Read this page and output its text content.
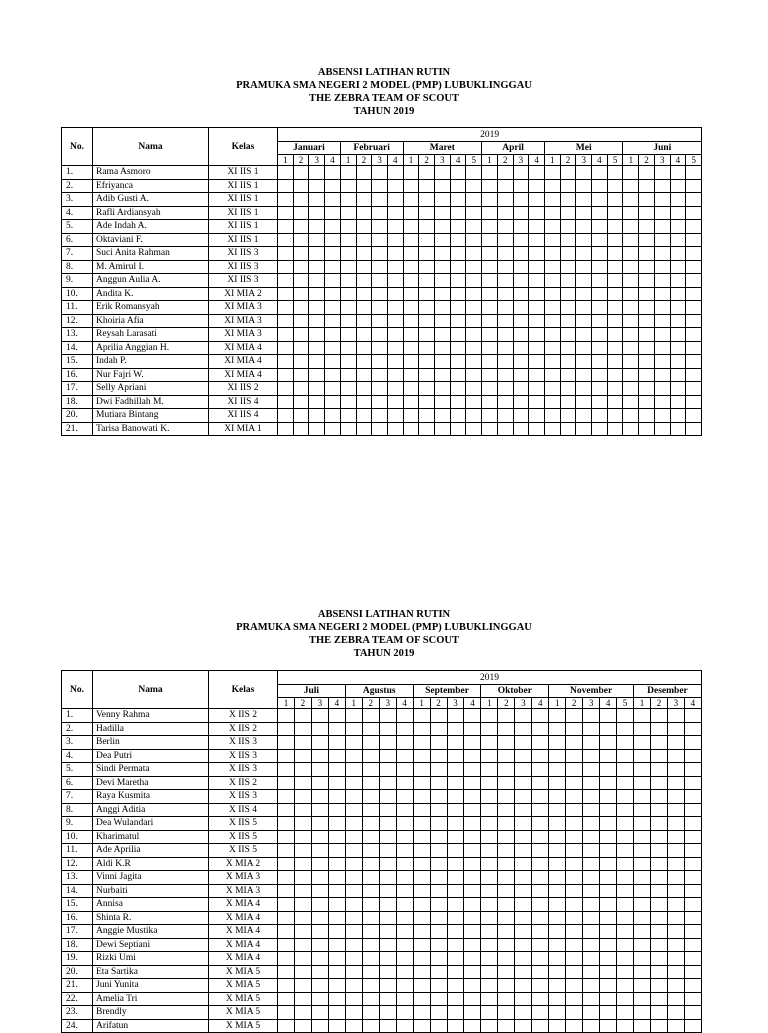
ABSENSI LATIHAN RUTIN
PRAMUKA SMA NEGERI 2 MODEL (PMP) LUBUKLINGGAU
THE ZEBRA TEAM OF SCOUT
TAHUN 2019
No.	Nama	Kelas	2019																										
			Januari				Februari				Maret					April				Mei					Juni				
			1	2	3	4	1	2	3	4	1	2	3	4	5	1	2	3	4	1	2	3	4	5	1	2	3	4	5
1.	Rama Asmoro	XI IIS 1																											
2.	Efriyanca	XI IIS 1																											
3.	Adib Gusti A.	XI IIS 1																											
4.	Rafli Ardiansyah	XI IIS 1																											
5.	Ade Indah A.	XI IIS 1																											
6.	Oktaviani F.	XI IIS 1																											
7.	Suci Anita Rahman	XI IIS 3																											
8.	M. Amirul I.	XI IIS 3																											
9.	Anggun Aulia A.	XI IIS 3																											
10.	Andita K.	XI MIA 2																											
11.	Erik Romansyah	XI MIA 3																											
12.	Khoiria Afia	XI MIA 3																											
13.	Reysah Larasati	XI MIA 3																											
14.	Aprilia Anggian H.	XI MIA 4																											
15.	Indah P.	XI MIA 4																											
16.	Nur Fajri W.	XI MIA 4																											
17.	Selly Apriani	XI IIS 2																											
18.	Dwi Fadhillah M.	XI IIS 4																											
20.	Mutiara Bintang	XI IIS 4																											
21.	Tarisa Banowati K.	XI MIA 1																											
ABSENSI LATIHAN RUTIN
PRAMUKA SMA NEGERI 2 MODEL (PMP) LUBUKLINGGAU
THE ZEBRA TEAM OF SCOUT
TAHUN 2019
No.	Nama	Kelas	2019																								
			Juli				Agustus				September				Oktober				November					Desember			
			1	2	3	4	1	2	3	4	1	2	3	4	1	2	3	4	1	2	3	4	5	1	2	3	4
1.	Venny Rahma	X IIS 2																									
2.	Hadilla	X IIS 2																									
3.	Berlin	X IIS 3																									
4.	Dea Putri	X IIS 3																									
5.	Sindi Permata	X IIS 3																									
6.	Devi Maretha	X IIS 2																									
7.	Raya Kusmita	X IIS 3																									
8.	Anggi Aditia	X IIS 4																									
9.	Dea Wulandari	X IIS 5																									
10.	Kharimatul	X IIS 5																									
11.	Ade Aprilia	X IIS 5																									
12.	Aldi K.R	X MIA 2																									
13.	Vinni Jagita	X MIA 3																									
14.	Nurbaiti	X MIA 3																									
15.	Annisa	X MIA 4																									
16.	Shinta R.	X MIA 4																									
17.	Anggie Mustika	X MIA 4																									
18.	Dewi Septiani	X MIA 4																									
19.	Rizki Umi	X MIA 4																									
20.	Eta Sartika	X MIA 5																									
21.	Juni Yunita	X MIA 5																									
22.	Amelia Tri	X MIA 5																									
23.	Brendly	X MIA 5																									
24.	Arifatun	X MIA 5																									
